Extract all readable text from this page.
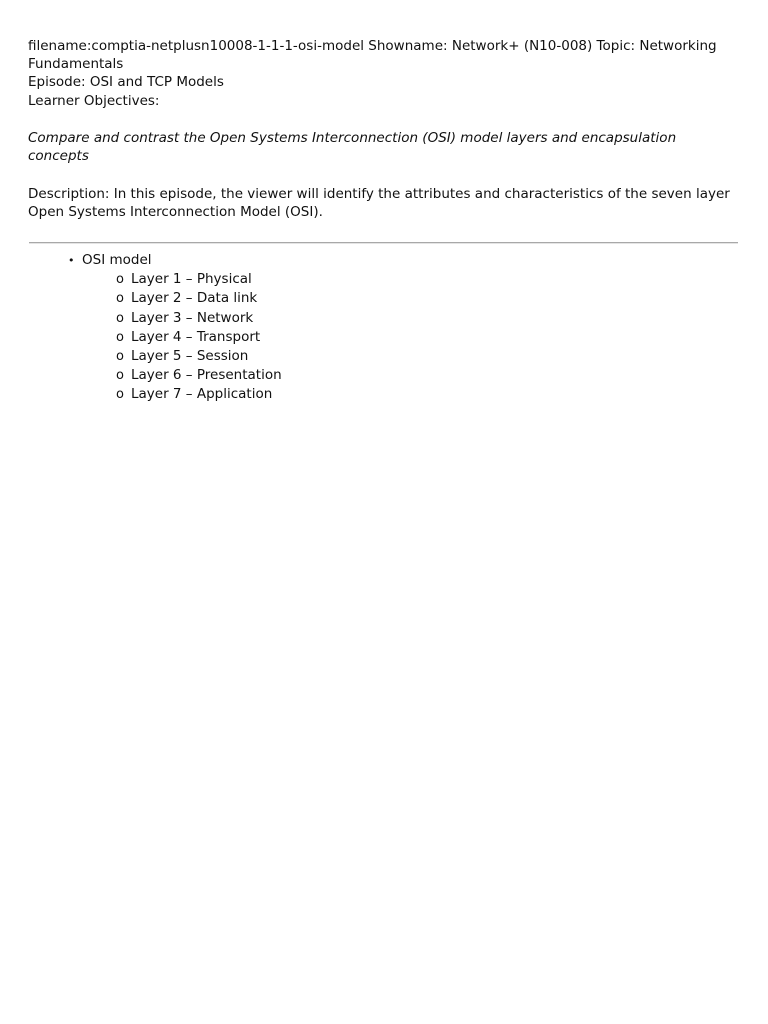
filename:comptia-netplusn10008-1-1-1-osi-model Showname: Network+ (N10-008) Topic: Networking Fundamentals
Episode: OSI and TCP Models
Learner Objectives:
Compare and contrast the Open Systems Interconnection (OSI) model layers and encapsulation concepts
Description: In this episode, the viewer will identify the attributes and characteristics of the seven layer Open Systems Interconnection Model (OSI).
• OSI model
o Layer 1 – Physical
o Layer 2 – Data link
o Layer 3 – Network
o Layer 4 – Transport
o Layer 5 – Session
o Layer 6 – Presentation
o Layer 7 – Application
